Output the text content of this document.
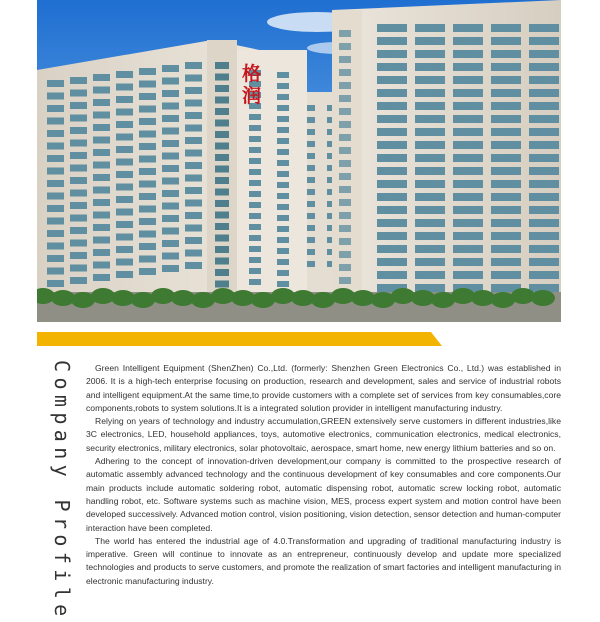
格润
Company Profile	Green Intelligent Equipment (ShenZhen) Co.,Ltd. (formerly: Shenzhen Green Electronics Co., Ltd.) was established in 2006. It is a high-tech enterprise focusing on production, research and development, sales and service of industrial robots and intelligent equipment.At the same time,to provide customers with a complete set of services from key consumables,core components,robots to system solutions.It is a integrated solution provider in intelligent manufacturing industry.

Relying on years of technology and industry accumulation,GREEN extensively serve customers in different industries,like 3C electronics, LED, household appliances, toys, automotive electronics, communication electronics, medical electronics, security electronics, military electronics, solar photovoltaic, aerospace, smart home, new energy lithium batteries and so on.

Adhering to the concept of innovation-driven development,our company is committed to the prospective research of automatic assembly advanced technology and the continuous development of key consumables and core components.Our main products include automatic soldering robot, automatic dispensing robot, automatic screw locking robot, automatic handling robot, etc. Software systems such as machine vision, MES, process expert system and motion control have been developed successively. Advanced motion control, vision positioning, vision detection, sensor detection and human-computer interaction have been completed.

The world has entered the industrial age of 4.0.Transformation and upgrading of traditional manufacturing industry is imperative. Green will continue to innovate as an entrepreneur, continuously develop and update more specialized technologies and products to serve customers, and promote the realization of smart factories and intelligent manufacturing in electronic manufacturing industry.
